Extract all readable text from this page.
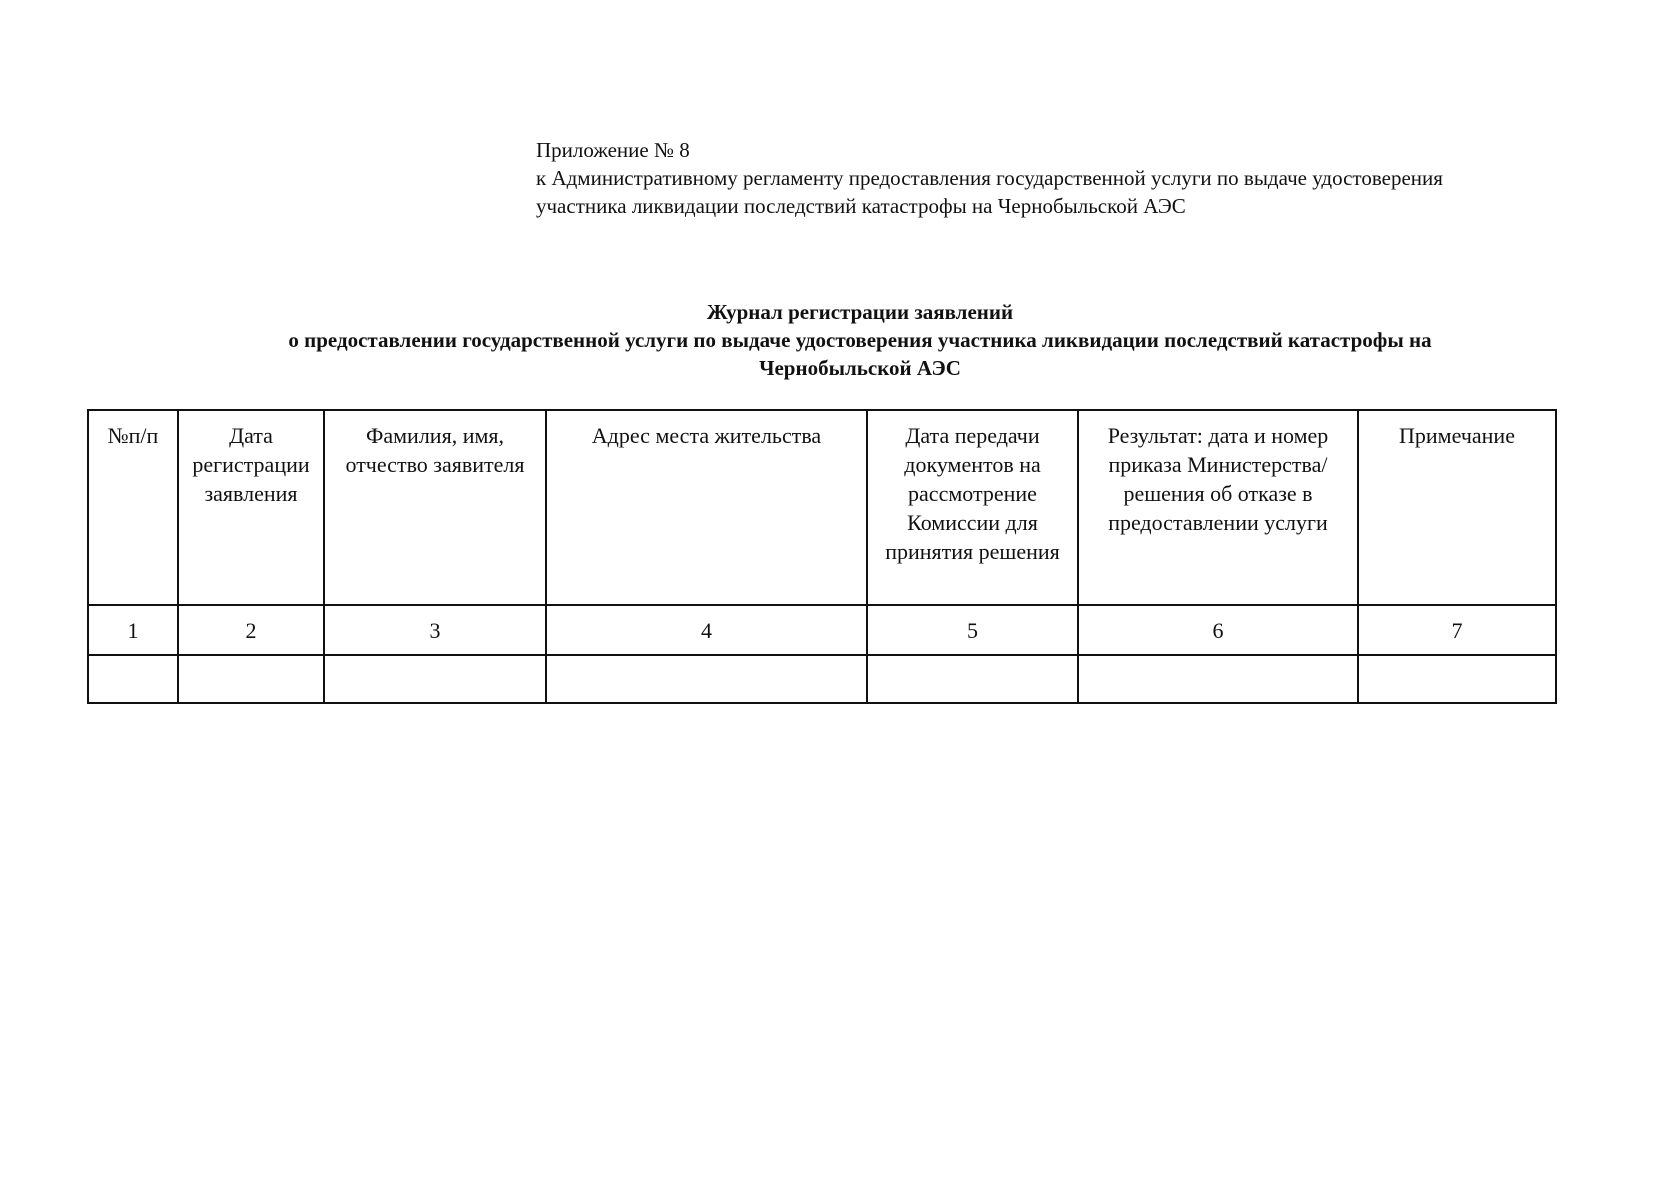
Приложение № 8
к Административному регламенту предоставления государственной услуги по выдаче удостоверения
участника ликвидации последствий катастрофы на Чернобыльской АЭС
Журнал регистрации заявлений
о предоставлении государственной услуги по выдаче удостоверения участника ликвидации последствий катастрофы на
Чернобыльской АЭС
№п/п	Дата регистрации заявления	Фамилия, имя, отчество заявителя	Адрес места жительства	Дата передачи документов на рассмотрение Комиссии для принятия решения	Результат: дата и номер приказа Министерства/решения об отказе в предоставлении услуги	Примечание
1	2	3	4	5	6	7
